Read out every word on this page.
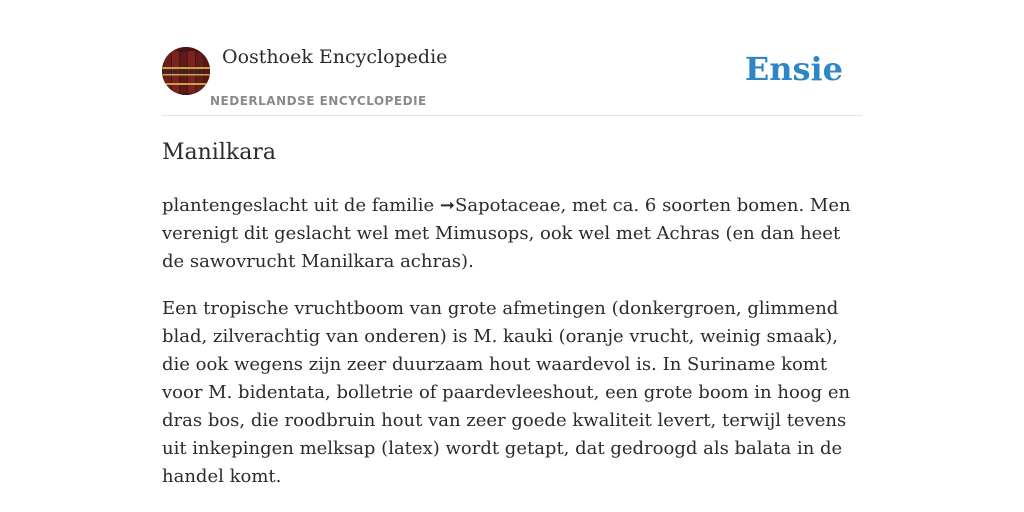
Oosthoek Encyclopedie
NEDERLANDSE ENCYCLOPEDIE
Ensie
Manilkara

plantengeslacht uit de familie ➞Sapotaceae, met ca. 6 soorten bomen. Men verenigt dit geslacht wel met Mimusops, ook wel met Achras (en dan heet de sawovrucht Manilkara achras).

Een tropische vruchtboom van grote afmetingen (donkergroen, glimmend blad, zilverachtig van onderen) is M. kauki (oranje vrucht, weinig smaak), die ook wegens zijn zeer duurzaam hout waardevol is. In Suriname komt voor M. bidentata, bolletrie of paardevleeshout, een grote boom in hoog en dras bos, die roodbruin hout van zeer goede kwaliteit levert, terwijl tevens uit inkepingen melksap (latex) wordt getapt, dat gedroogd als balata in de handel komt.
